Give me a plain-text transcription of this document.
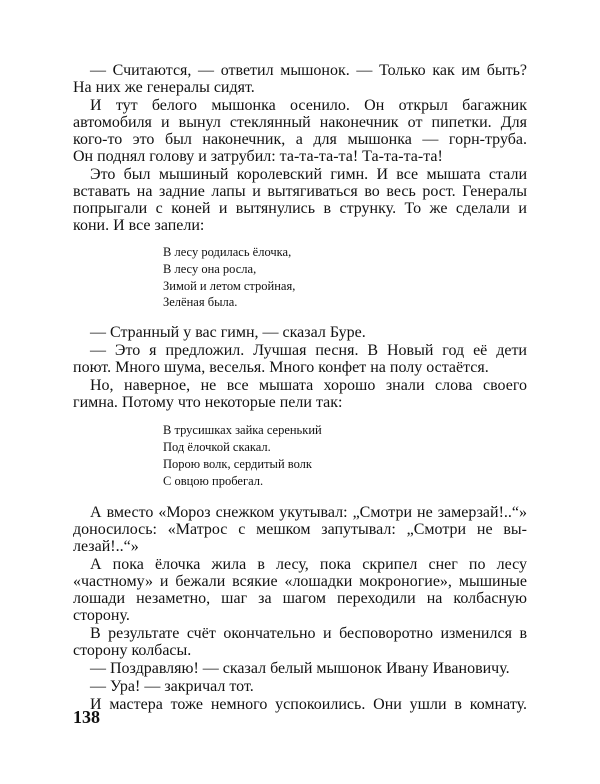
— Считаются, — ответил мышонок. — Только как им быть?
На них же генералы сидят.
И тут белого мышонка осенило. Он открыл багажник
автомобиля и вынул стеклянный наконечник от пипетки. Для
кого-то это был наконечник, а для мышонка — горн-труба.
Он поднял голову и затрубил: та-та-та-та! Та-та-та-та!
Это был мышиный королевский гимн. И все мышата стали
вставать на задние лапы и вытягиваться во весь рост. Генералы
попрыгали с коней и вытянулись в струнку. То же сделали и
кони. И все запели:
В лесу родилась ёлочка,
В лесу она росла,
Зимой и летом стройная,
Зелёная была.
— Странный у вас гимн, — сказал Буре.
— Это я предложил. Лучшая песня. В Новый год её дети
поют. Много шума, веселья. Много конфет на полу остаётся.
Но, наверное, не все мышата хорошо знали слова своего
гимна. Потому что некоторые пели так:
В трусишках зайка серенький
Под ёлочкой скакал.
Порою волк, сердитый волк
С овцою пробегал.
А вместо «Мороз снежком укутывал: „Смотри не замерзай!..“»
доносилось: «Матрос с мешком запутывал: „Смотри не вы-
лезай!..“»
А пока ёлочка жила в лесу, пока скрипел снег по лесу
«частному» и бежали всякие «лошадки мокроногие», мышиные
лошади незаметно, шаг за шагом переходили на колбасную
сторону.
В результате счёт окончательно и бесповоротно изменился в
сторону колбасы.
— Поздравляю! — сказал белый мышонок Ивану Ивановичу.
— Ура! — закричал тот.
И мастера тоже немного успокоились. Они ушли в комнату.
138
